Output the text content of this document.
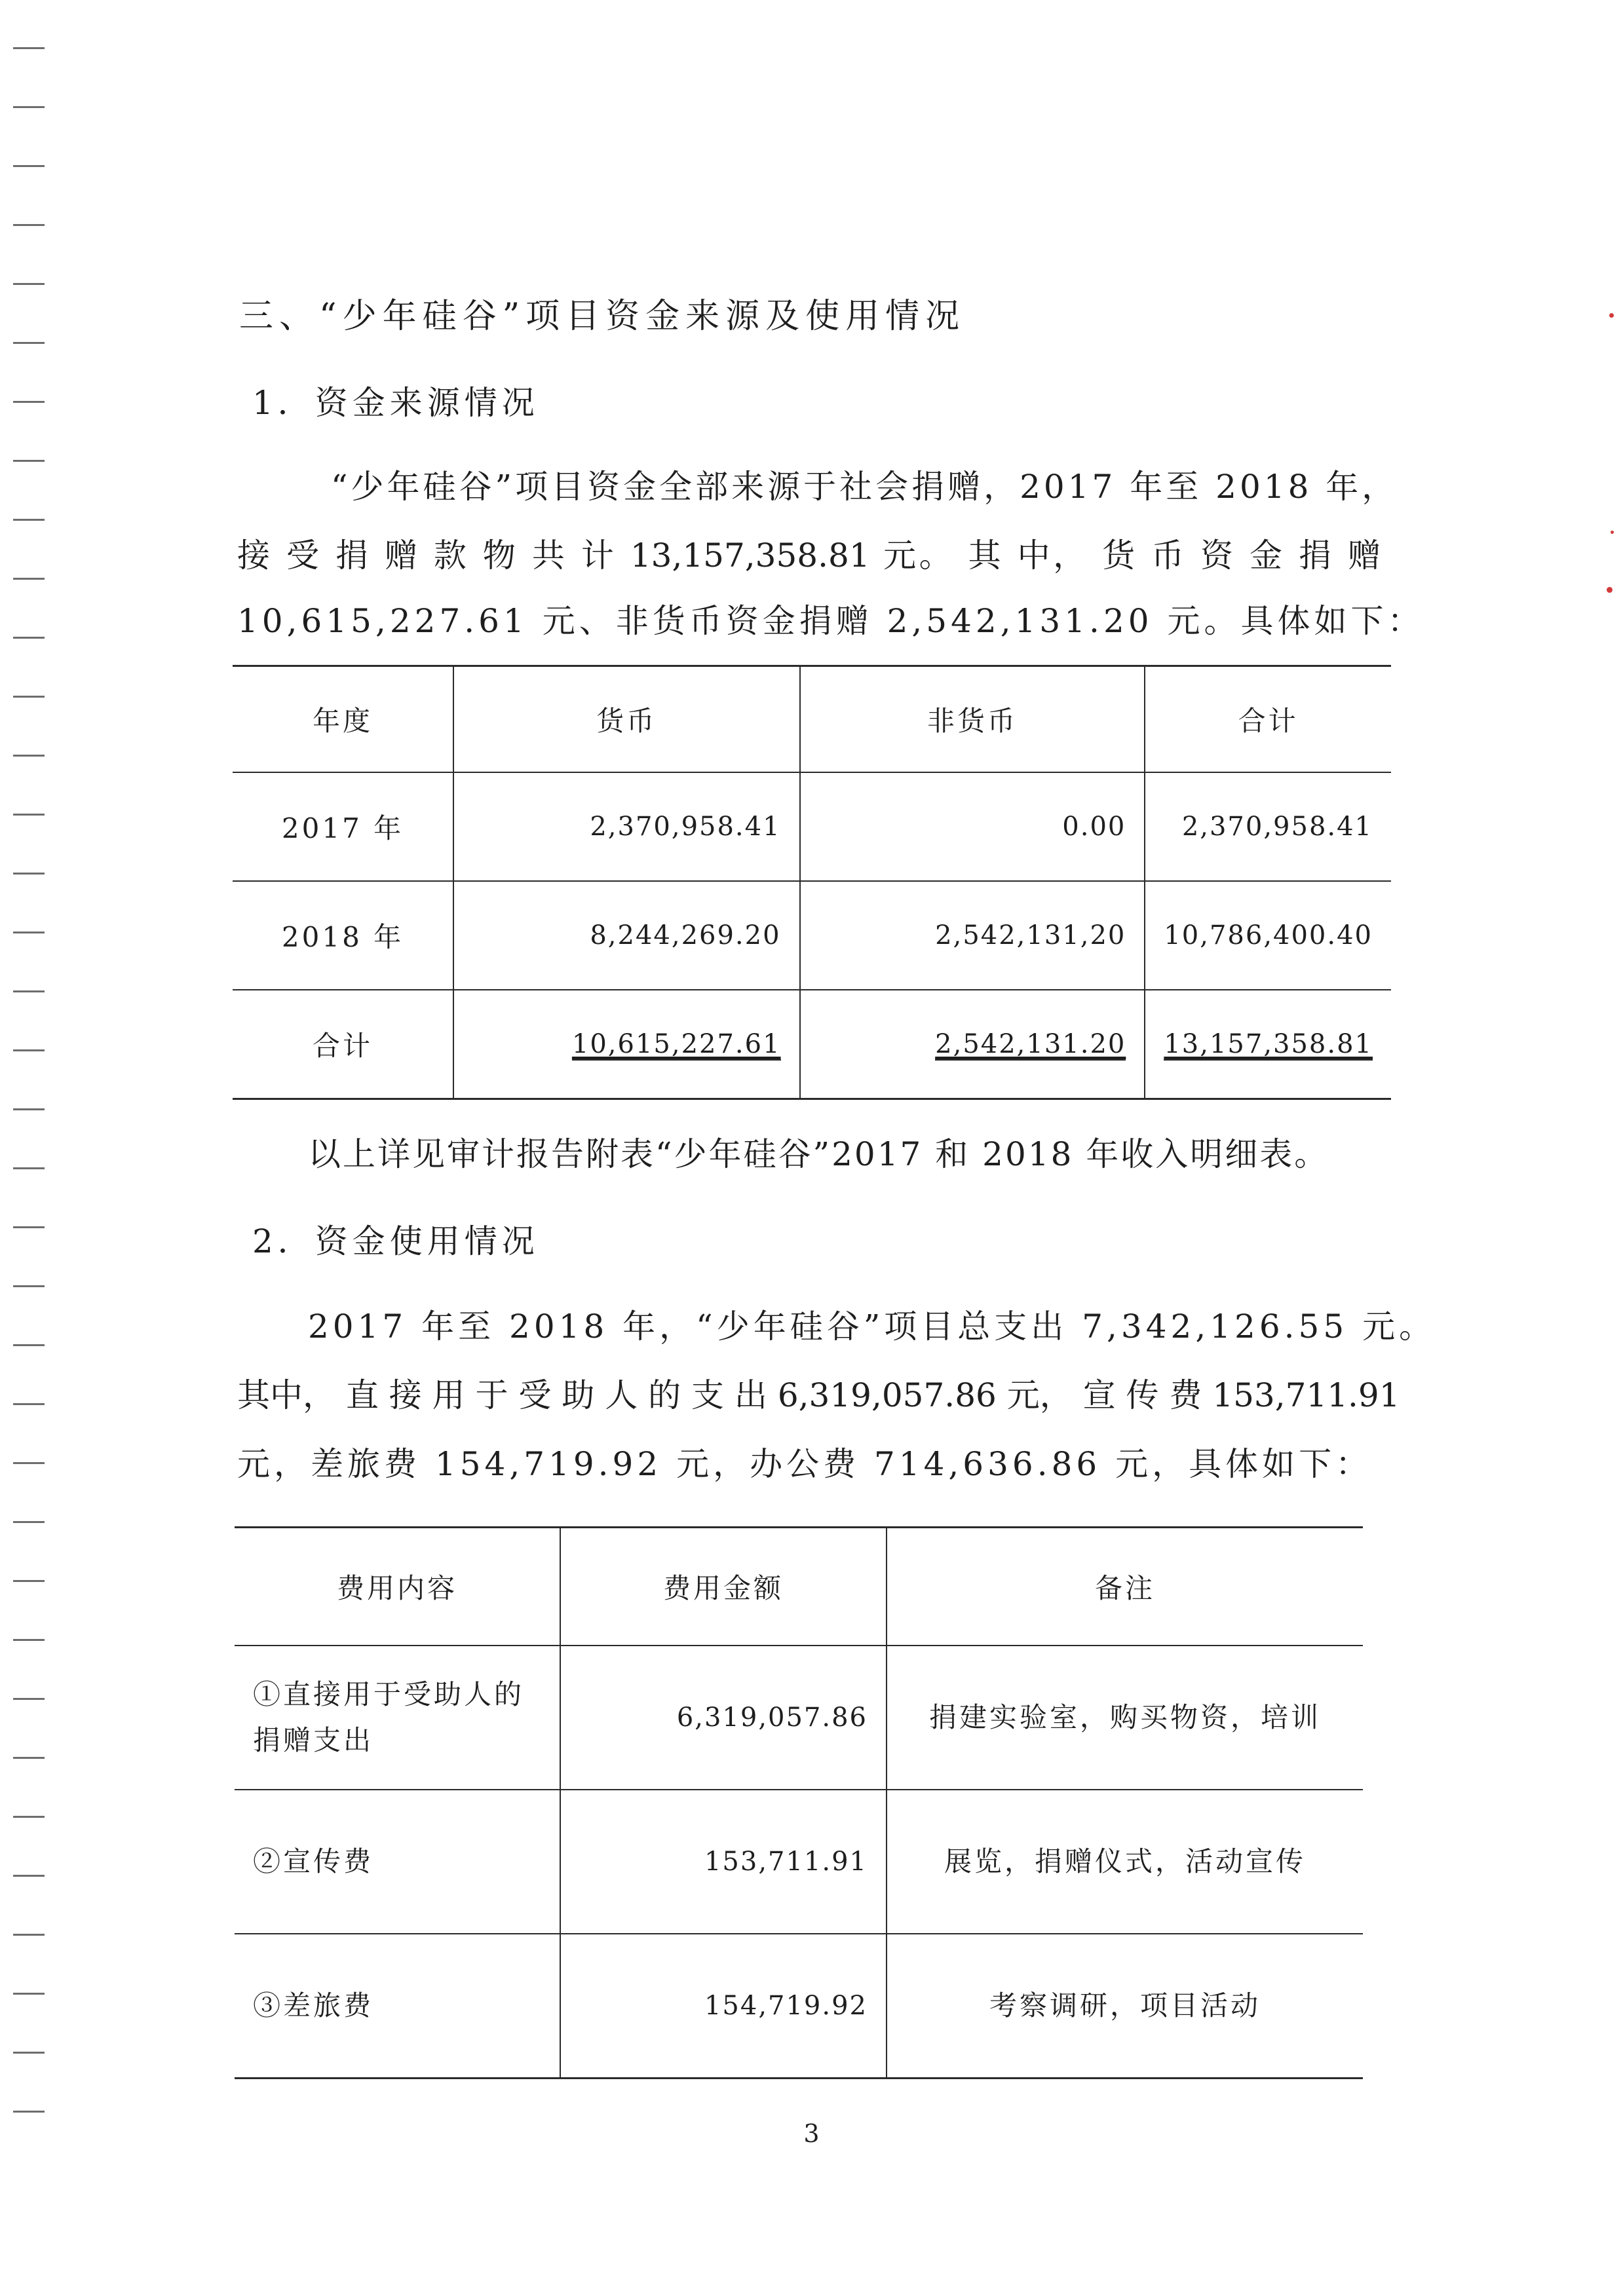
三、“少年硅谷”项目资金来源及使用情况
1．资金来源情况
“少年硅谷”项目资金全部来源于社会捐赠，2017 年至 2018 年，
接 受 捐 赠 款 物 共 计 13,157,358.81 元。 其 中， 货 币 资 金 捐 赠
10,615,227.61 元、非货币资金捐赠 2,542,131.20 元。具体如下：
年度	货币	非货币	合计
2017 年	2,370,958.41	0.00	2,370,958.41
2018 年	8,244,269.20	2,542,131,20	10,786,400.40
合计	10,615,227.61	2,542,131.20	13,157,358.81
以上详见审计报告附表“少年硅谷”2017 和 2018 年收入明细表。
2．资金使用情况
2017 年至 2018 年，“少年硅谷”项目总支出 7,342,126.55 元。
其中， 直 接 用 于 受 助 人 的 支 出 6,319,057.86 元， 宣 传 费 153,711.91
元，差旅费 154,719.92 元，办公费 714,636.86 元，具体如下：
费用内容	费用金额	备注
①直接用于受助人的捐赠支出	6,319,057.86	捐建实验室，购买物资，培训
②宣传费	153,711.91	展览，捐赠仪式，活动宣传
③差旅费	154,719.92	考察调研，项目活动
3
